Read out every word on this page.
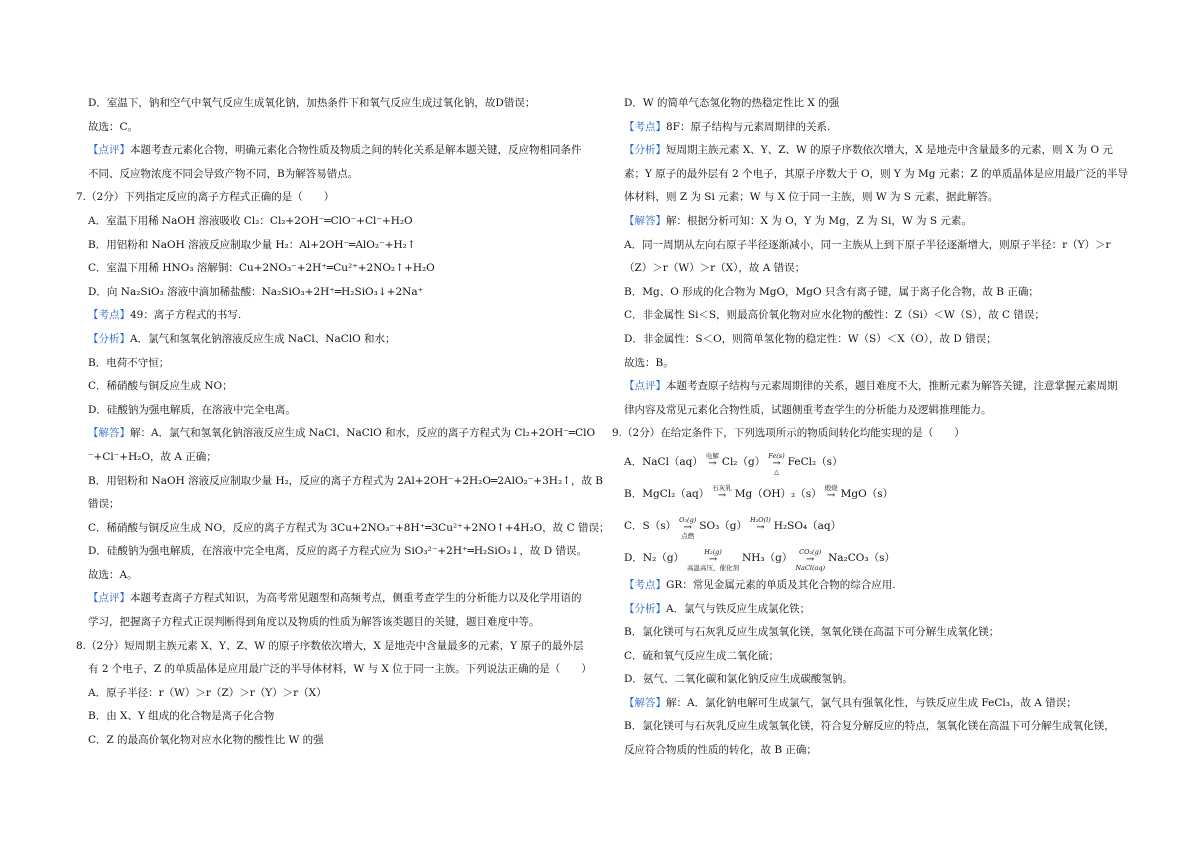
D．室温下，钠和空气中氧气反应生成氧化钠，加热条件下和氧气反应生成过氧化钠，故D错误；
故选：C。
【点评】本题考查元素化合物，明确元素化合物性质及物质之间的转化关系是解本题关键，反应物相同条件
不同、反应物浓度不同会导致产物不同，B为解答易错点。
7.（2分）下列指定反应的离子方程式正确的是（　　）
A．室温下用稀 NaOH 溶液吸收 Cl₂：Cl₂+2OH⁻═ClO⁻+Cl⁻+H₂O
B．用铝粉和 NaOH 溶液反应制取少量 H₂：Al+2OH⁻═AlO₂⁻+H₂↑
C．室温下用稀 HNO₃ 溶解铜：Cu+2NO₃⁻+2H⁺═Cu²⁺+2NO₂↑+H₂O
D．向 Na₂SiO₃ 溶液中滴加稀盐酸：Na₂SiO₃+2H⁺═H₂SiO₃↓+2Na⁺
【考点】49：离子方程式的书写.
【分析】A．氯气和氢氧化钠溶液反应生成 NaCl、NaClO 和水；
B．电荷不守恒；
C．稀硝酸与铜反应生成 NO；
D．硅酸钠为强电解质，在溶液中完全电离。
【解答】解：A．氯气和氢氧化钠溶液反应生成 NaCl、NaClO 和水，反应的离子方程式为 Cl₂+2OH⁻═ClO
⁻+Cl⁻+H₂O，故 A 正确；
B．用铝粉和 NaOH 溶液反应制取少量 H₂，反应的离子方程式为 2Al+2OH⁻+2H₂O═2AlO₂⁻+3H₂↑，故 B
错误；
C．稀硝酸与铜反应生成 NO，反应的离子方程式为 3Cu+2NO₃⁻+8H⁺═3Cu²⁺+2NO↑+4H₂O，故 C 错误；
D．硅酸钠为强电解质，在溶液中完全电离，反应的离子方程式应为 SiO₃²⁻+2H⁺═H₂SiO₃↓，故 D 错误。
故选：A。
【点评】本题考查离子方程式知识，为高考常见题型和高频考点，侧重考查学生的分析能力以及化学用语的
学习，把握离子方程式正误判断得到角度以及物质的性质为解答该类题目的关键，题目难度中等。
8.（2分）短周期主族元素 X、Y、Z、W 的原子序数依次增大，X 是地壳中含量最多的元素，Y 原子的最外层
有 2 个电子，Z 的单质晶体是应用最广泛的半导体材料，W 与 X 位于同一主族。下列说法正确的是（　　）
A．原子半径：r（W）＞r（Z）＞r（Y）＞r（X）
B．由 X、Y 组成的化合物是离子化合物
C．Z 的最高价氧化物对应水化物的酸性比 W 的强
D．W 的简单气态氢化物的热稳定性比 X 的强
【考点】8F：原子结构与元素周期律的关系.
【分析】短周期主族元素 X、Y、Z、W 的原子序数依次增大，X 是地壳中含量最多的元素，则 X 为 O 元
素；Y 原子的最外层有 2 个电子，其原子序数大于 O，则 Y 为 Mg 元素；Z 的单质晶体是应用最广泛的半导
体材料，则 Z 为 Si 元素；W 与 X 位于同一主族，则 W 为 S 元素，据此解答。
【解答】解：根据分析可知：X 为 O，Y 为 Mg，Z 为 Si，W 为 S 元素。
A．同一周期从左向右原子半径逐渐减小，同一主族从上到下原子半径逐渐增大，则原子半径：r（Y）＞r
（Z）＞r（W）＞r（X），故 A 错误；
B．Mg、O 形成的化合物为 MgO，MgO 只含有离子键，属于离子化合物，故 B 正确；
C．非金属性 Si＜S，则最高价氧化物对应水化物的酸性：Z（Si）＜W（S），故 C 错误；
D．非金属性：S＜O，则简单氢化物的稳定性：W（S）＜X（O），故 D 错误；
故选：B。
【点评】本题考查原子结构与元素周期律的关系，题目难度不大，推断元素为解答关键，注意掌握元素周期
律内容及常见元素化合物性质，试题侧重考查学生的分析能力及逻辑推理能力。
9.（2分）在给定条件下，下列选项所示的物质间转化均能实现的是（　　）
A．NaCl（aq） 电解
→
Cl₂（g） Fe(s)
→
△
FeCl₂（s）
B．MgCl₂（aq） 石灰乳
→
Mg（OH）₂（s） 煅烧
→
MgO（s）
C．S（s） O₂(g)
→
点燃
SO₃（g） H₂O(l)
→
H₂SO₄（aq）
D．N₂（g）	H₂(g)
→
高温高压、催化剂
NH₃（g） CO₂(g)
→
NaCl(aq)
Na₂CO₃（s）
【考点】GR：常见金属元素的单质及其化合物的综合应用.
【分析】A．氯气与铁反应生成氯化铁；
B．氯化镁可与石灰乳反应生成氢氧化镁，氢氧化镁在高温下可分解生成氧化镁；
C．硫和氧气反应生成二氧化硫；
D．氨气、二氧化碳和氯化钠反应生成碳酸氢钠。
【解答】解：A．氯化钠电解可生成氯气，氯气具有强氧化性，与铁反应生成 FeCl₃，故 A 错误；
B．氯化镁可与石灰乳反应生成氢氧化镁，符合复分解反应的特点，氢氧化镁在高温下可分解生成氧化镁，
反应符合物质的性质的转化，故 B 正确；
